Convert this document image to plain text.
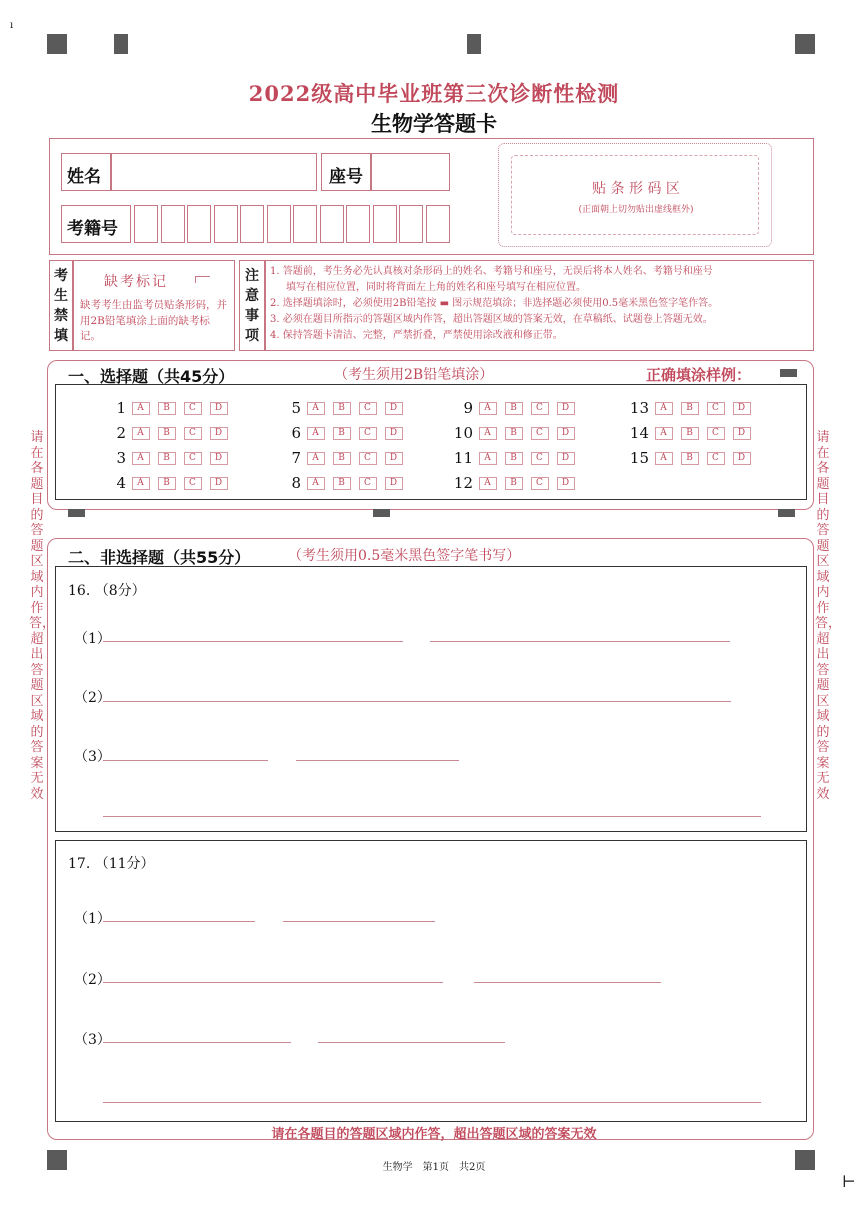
ı
2022级高中毕业班第三次诊断性检测
生物学答题卡
姓名	座号
考籍号
贴 条 形 码 区
(正面朝上切勿贴出虚线框外)
考生禁填
缺考标记
缺考考生由监考员贴条形码，并用2B铅笔填涂上面的缺考标记。
注意事项
1. 答题前，考生务必先认真核对条形码上的姓名、考籍号和座号，无误后将本人姓名、考籍号和座号
填写在相应位置，同时将背面左上角的姓名和座号填写在相应位置。
2. 选择题填涂时，必须使用2B铅笔按 ▬ 图示规范填涂；非选择题必须使用0.5毫米黑色签字笔作答。
3. 必须在题目所指示的答题区域内作答，超出答题区域的答案无效，在草稿纸、试题卷上答题无效。
4. 保持答题卡清洁、完整，严禁折叠，严禁使用涂改液和修正带。
请在各题目的答题区域内作答，超出答题区域的答案无效
请在各题目的答题区域内作答，超出答题区域的答案无效
一、选择题（共45分）	（考生须用2B铅笔填涂）	正确填涂样例：
1	A B C D
2	A B C D
3	A B C D
4	A B C D
5	A B C D
6	A B C D
7	A B C D
8	A B C D
9	A B C D
10	A B C D
11	A B C D
12	A B C D
13	A B C D
14	A B C D
15	A B C D
二、非选择题（共55分）	（考生须用0.5毫米黑色签字笔书写）
16. （8分）
（1）
（2）
（3）
17. （11分）
（1）
（2）
（3）
请在各题目的答题区域内作答，超出答题区域的答案无效
生物学　第1页　共2页
⊢
